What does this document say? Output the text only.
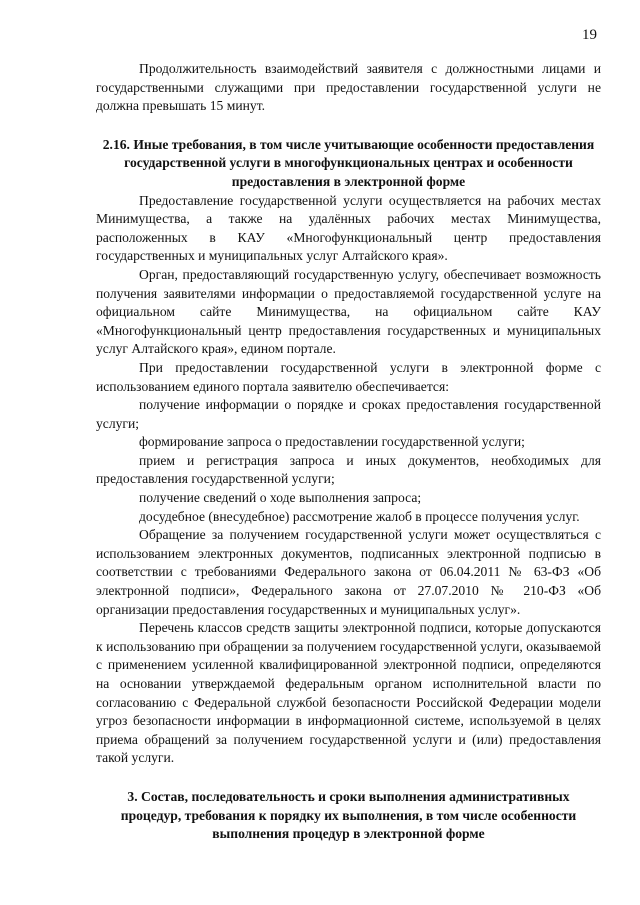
19

Продолжительность взаимодействий заявителя с должностными лицами и государственными служащими при предоставлении государственной услуги не должна превышать 15 минут.

2.16. Иные требования, в том числе учитывающие особенности предоставления государственной услуги в многофункциональных центрах и особенности предоставления в электронной форме

Предоставление государственной услуги осуществляется на рабочих местах Минимущества, а также на удалённых рабочих местах Минимущества, расположенных в КАУ «Многофункциональный центр предоставления государственных и муниципальных услуг Алтайского края».

Орган, предоставляющий государственную услугу, обеспечивает возможность получения заявителями информации о предоставляемой государственной услуге на официальном сайте Минимущества, на официальном сайте КАУ «Многофункциональный центр предоставления государственных и муниципальных услуг Алтайского края», едином портале.

При предоставлении государственной услуги в электронной форме с использованием единого портала заявителю обеспечивается:

получение информации о порядке и сроках предоставления государственной услуги;

формирование запроса о предоставлении государственной услуги;

прием и регистрация запроса и иных документов, необходимых для предоставления государственной услуги;

получение сведений о ходе выполнения запроса;

досудебное (внесудебное) рассмотрение жалоб в процессе получения услуг.

Обращение за получением государственной услуги может осуществляться с использованием электронных документов, подписанных электронной подписью в соответствии с требованиями Федерального закона от 06.04.2011 № 63-ФЗ «Об электронной подписи», Федерального закона от 27.07.2010 № 210-ФЗ «Об организации предоставления государственных и муниципальных услуг».

Перечень классов средств защиты электронной подписи, которые допускаются к использованию при обращении за получением государственной услуги, оказываемой с применением усиленной квалифицированной электронной подписи, определяются на основании утверждаемой федеральным органом исполнительной власти по согласованию с Федеральной службой безопасности Российской Федерации модели угроз безопасности информации в информационной системе, используемой в целях приема обращений за получением государственной услуги и (или) предоставления такой услуги.

3. Состав, последовательность и сроки выполнения административных процедур, требования к порядку их выполнения, в том числе особенности выполнения процедур в электронной форме
